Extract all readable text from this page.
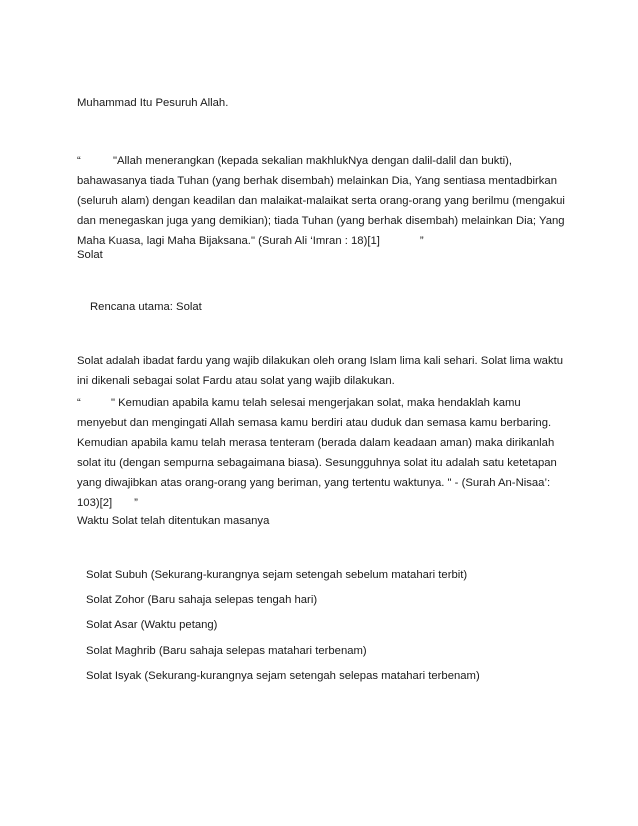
Muhammad Itu Pesuruh Allah.
“	"Allah menerangkan (kepada sekalian makhlukNya dengan dalil-dalil dan bukti), bahawasanya tiada Tuhan (yang berhak disembah) melainkan Dia, Yang sentiasa mentadbirkan (seluruh alam) dengan keadilan dan malaikat-malaikat serta orang-orang yang berilmu (mengakui dan menegaskan juga yang demikian); tiada Tuhan (yang berhak disembah) melainkan Dia; Yang Maha Kuasa, lagi Maha Bijaksana." (Surah Ali ‘Imran : 18)[1]	”
Solat
Rencana utama: Solat
Solat adalah ibadat fardu yang wajib dilakukan oleh orang Islam lima kali sehari. Solat lima waktu ini dikenali sebagai solat Fardu atau solat yang wajib dilakukan.
“	" Kemudian apabila kamu telah selesai mengerjakan solat, maka hendaklah kamu menyebut dan mengingati Allah semasa kamu berdiri atau duduk dan semasa kamu berbaring. Kemudian apabila kamu telah merasa tenteram (berada dalam keadaan aman) maka dirikanlah solat itu (dengan sempurna sebagaimana biasa). Sesungguhnya solat itu adalah satu ketetapan yang diwajibkan atas orang-orang yang beriman, yang tertentu waktunya. " - (Surah An-Nisaa’: 103)[2] ”
Waktu Solat telah ditentukan masanya
Solat Subuh (Sekurang-kurangnya sejam setengah sebelum matahari terbit)
Solat Zohor (Baru sahaja selepas tengah hari)
Solat Asar (Waktu petang)
Solat Maghrib (Baru sahaja selepas matahari terbenam)
Solat Isyak (Sekurang-kurangnya sejam setengah selepas matahari terbenam)
